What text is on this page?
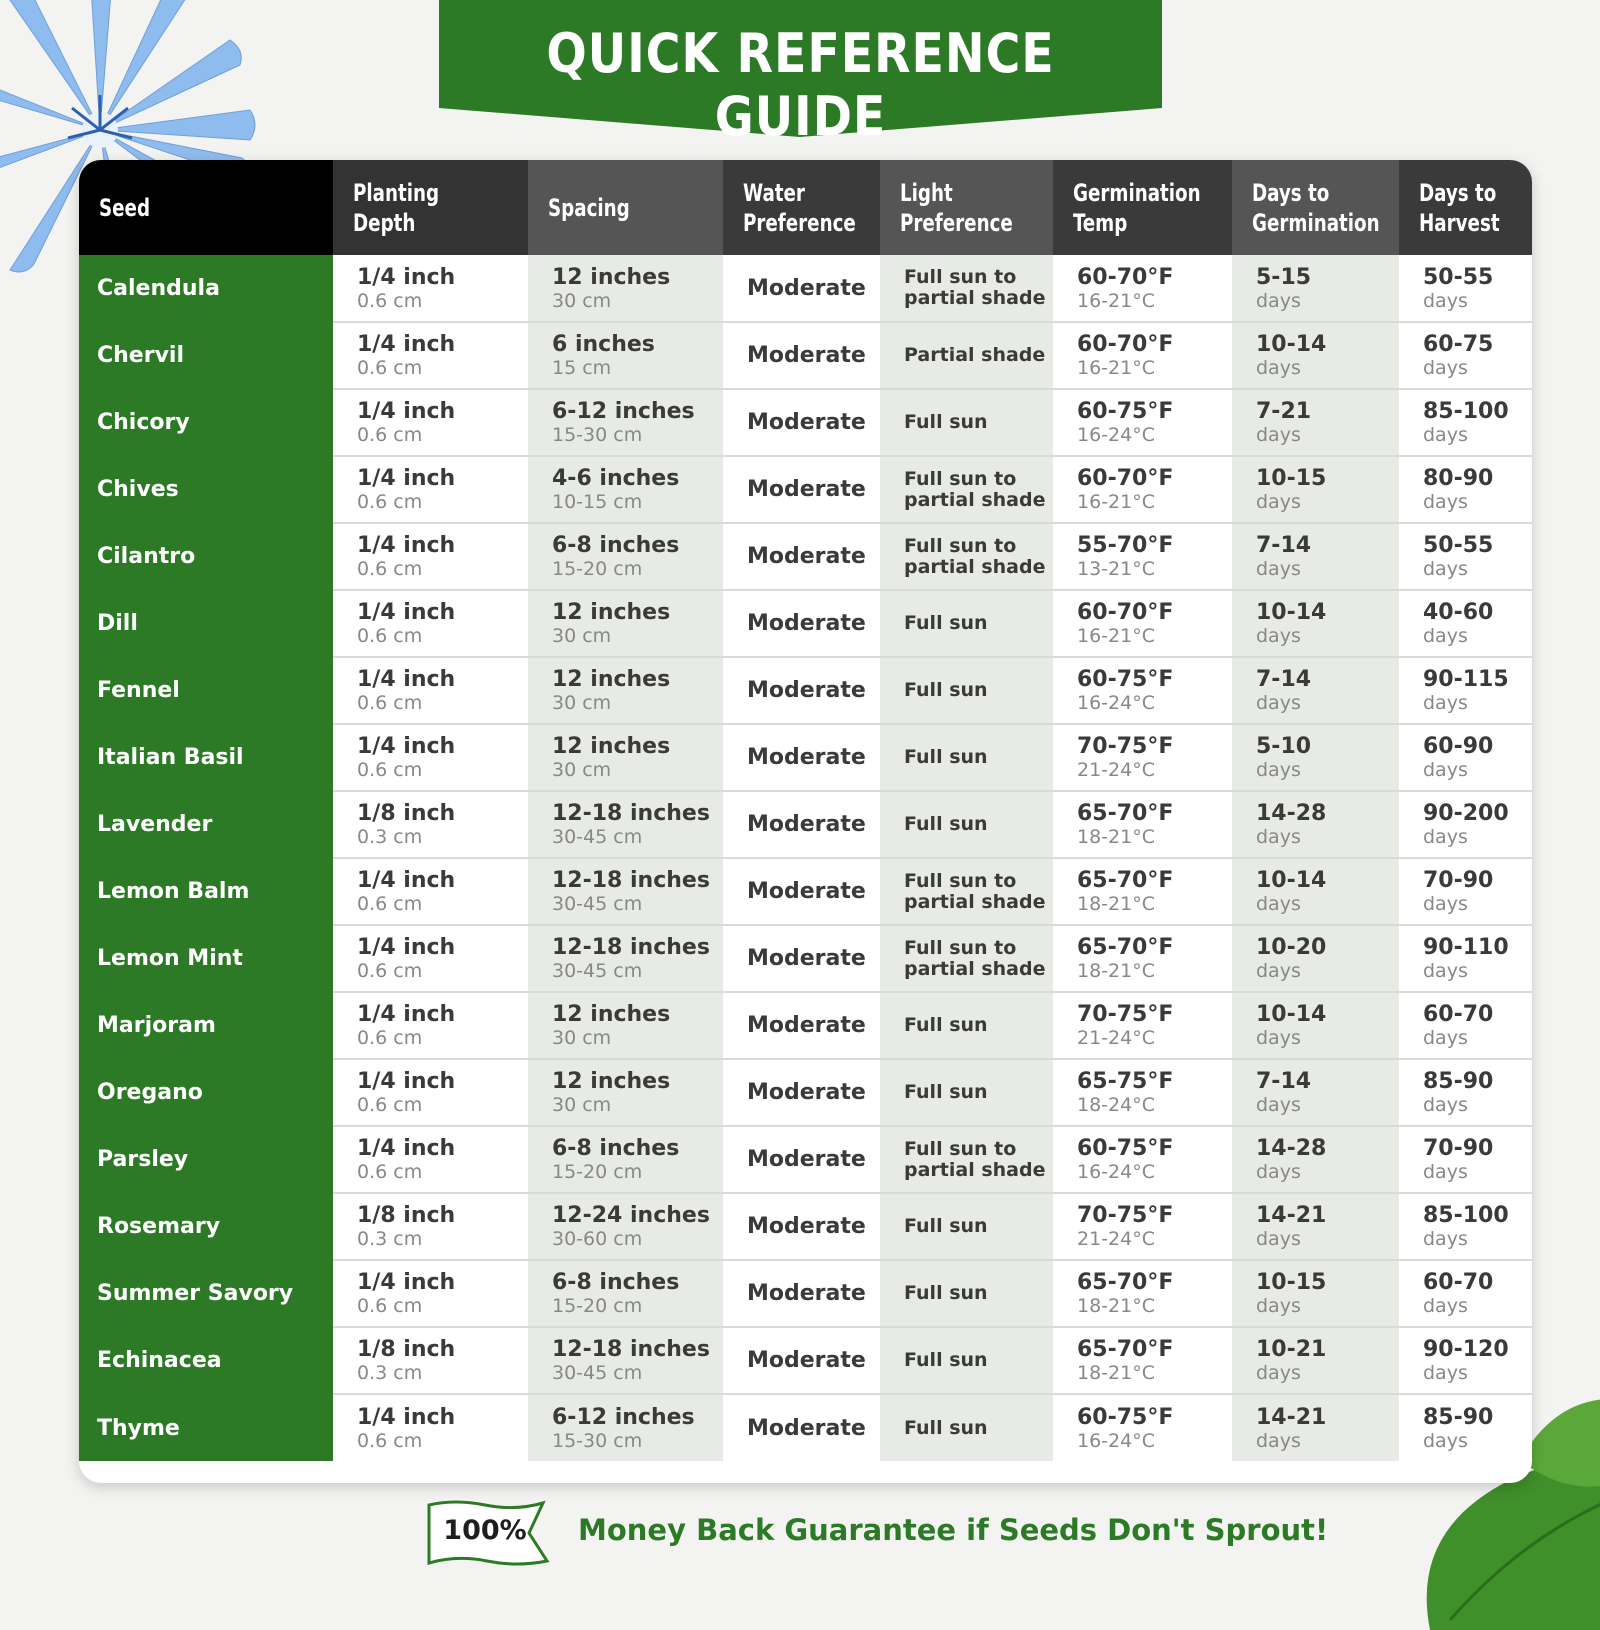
QUICK REFERENCE GUIDE
Seed	Planting
Depth	Spacing	Water
Preference	Light
Preference	Germination
Temp	Days to
Germination	Days to
Harvest

Calendula	1/4 inch
0.6 cm	12 inches
30 cm	Moderate	Full sun to
partial shade	60-70°F
16-21°C	5-15
days	50-55
days

Chervil	1/4 inch
0.6 cm	6 inches
15 cm	Moderate	Partial shade	60-70°F
16-21°C	10-14
days	60-75
days

Chicory	1/4 inch
0.6 cm	6-12 inches
15-30 cm	Moderate	Full sun	60-75°F
16-24°C	7-21
days	85-100
days

Chives	1/4 inch
0.6 cm	4-6 inches
10-15 cm	Moderate	Full sun to
partial shade	60-70°F
16-21°C	10-15
days	80-90
days

Cilantro	1/4 inch
0.6 cm	6-8 inches
15-20 cm	Moderate	Full sun to
partial shade	55-70°F
13-21°C	7-14
days	50-55
days

Dill	1/4 inch
0.6 cm	12 inches
30 cm	Moderate	Full sun	60-70°F
16-21°C	10-14
days	40-60
days

Fennel	1/4 inch
0.6 cm	12 inches
30 cm	Moderate	Full sun	60-75°F
16-24°C	7-14
days	90-115
days

Italian Basil	1/4 inch
0.6 cm	12 inches
30 cm	Moderate	Full sun	70-75°F
21-24°C	5-10
days	60-90
days

Lavender	1/8 inch
0.3 cm	12-18 inches
30-45 cm	Moderate	Full sun	65-70°F
18-21°C	14-28
days	90-200
days

Lemon Balm	1/4 inch
0.6 cm	12-18 inches
30-45 cm	Moderate	Full sun to
partial shade	65-70°F
18-21°C	10-14
days	70-90
days

Lemon Mint	1/4 inch
0.6 cm	12-18 inches
30-45 cm	Moderate	Full sun to
partial shade	65-70°F
18-21°C	10-20
days	90-110
days

Marjoram	1/4 inch
0.6 cm	12 inches
30 cm	Moderate	Full sun	70-75°F
21-24°C	10-14
days	60-70
days

Oregano	1/4 inch
0.6 cm	12 inches
30 cm	Moderate	Full sun	65-75°F
18-24°C	7-14
days	85-90
days

Parsley	1/4 inch
0.6 cm	6-8 inches
15-20 cm	Moderate	Full sun to
partial shade	60-75°F
16-24°C	14-28
days	70-90
days

Rosemary	1/8 inch
0.3 cm	12-24 inches
30-60 cm	Moderate	Full sun	70-75°F
21-24°C	14-21
days	85-100
days

Summer Savory	1/4 inch
0.6 cm	6-8 inches
15-20 cm	Moderate	Full sun	65-70°F
18-21°C	10-15
days	60-70
days

Echinacea	1/8 inch
0.3 cm	12-18 inches
30-45 cm	Moderate	Full sun	65-70°F
18-21°C	10-21
days	90-120
days

Thyme	1/4 inch
0.6 cm	6-12 inches
15-30 cm	Moderate	Full sun	60-75°F
16-24°C	14-21
days	85-90
days
100% Money Back Guarantee if Seeds Don't Sprout!
